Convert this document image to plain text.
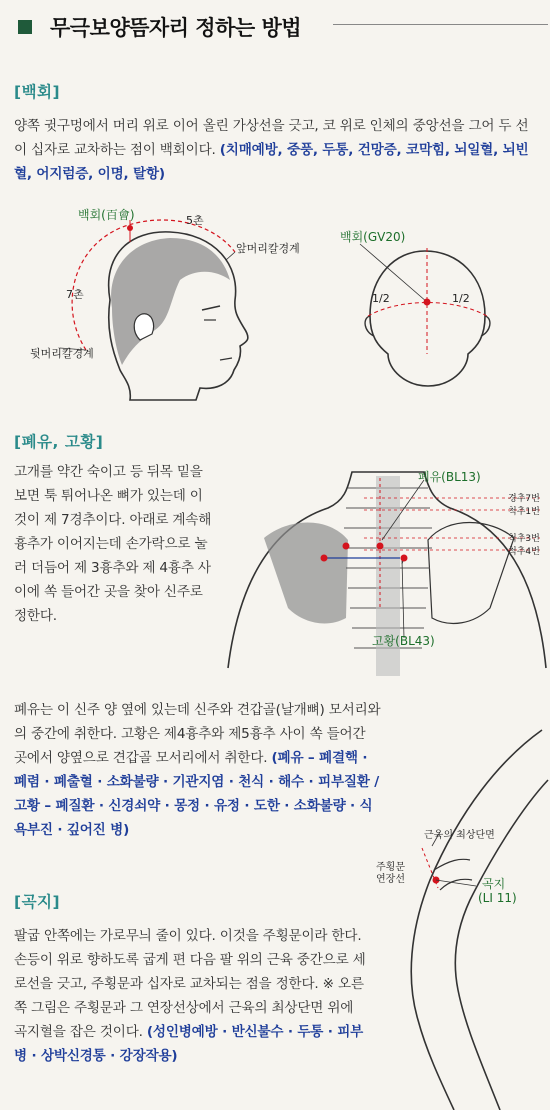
무극보양뜸자리 정하는 방법
[백회]
양쪽 귓구멍에서 머리 위로 이어 올린 가상선을 긋고, 코 위로 인체의 중앙선을 그어 두 선이 십자로 교차하는 점이 백회이다. (치매예방, 중풍, 두통, 건망증, 코막힘, 뇌일혈, 뇌빈혈, 어지럼증, 이명, 탈항)
백회(百會)	5촌
앞머리칼경계
7촌
뒷머리칼경계
백회(GV20)
1/2	1/2
[폐유, 고황]
고개를 약간 숙이고 등 뒤목 밑을 보면 툭 튀어나온 뼈가 있는데 이것이 제 7경추이다. 아래로 계속해 흉추가 이어지는데 손가락으로 눌러 더듬어 제 3흉추와 제 4흉추 사이에 쏙 들어간 곳을 찾아 신주로 정한다.
폐유(BL13)
경추7번
척추1번
척추3번
척추4번
고황(BL43)
폐유는 이 신주 양 옆에 있는데 신주와 견갑골(날개뼈) 모서리와의 중간에 취한다. 고황은 제4흉추와 제5흉추 사이 쏙 들어간 곳에서 양옆으로 견갑골 모서리에서 취한다. (폐유 – 폐결핵 · 폐렴 · 폐출혈 · 소화불량 · 기관지염 · 천식 · 해수 · 피부질환 / 고황 – 폐질환 · 신경쇠약 · 몽정 · 유정 · 도한 · 소화불량 · 식욕부진 · 깊어진 병)
[곡지]
팔굽 안쪽에는 가로무늬 줄이 있다. 이것을 주횡문이라 한다. 손등이 위로 향하도록 굽게 편 다음 팔 위의 근육 중간으로 세로선을 긋고, 주횡문과 십자로 교차되는 점을 정한다. ※ 오른쪽 그림은 주횡문과 그 연장선상에서 근육의 최상단면 위에 곡지혈을 잡은 것이다. (성인병예방 · 반신불수 · 두통 · 피부병 · 상박신경통 · 강장작용)
근육의 최상단면
주횡문
연장선	곡지
(LI 11)
